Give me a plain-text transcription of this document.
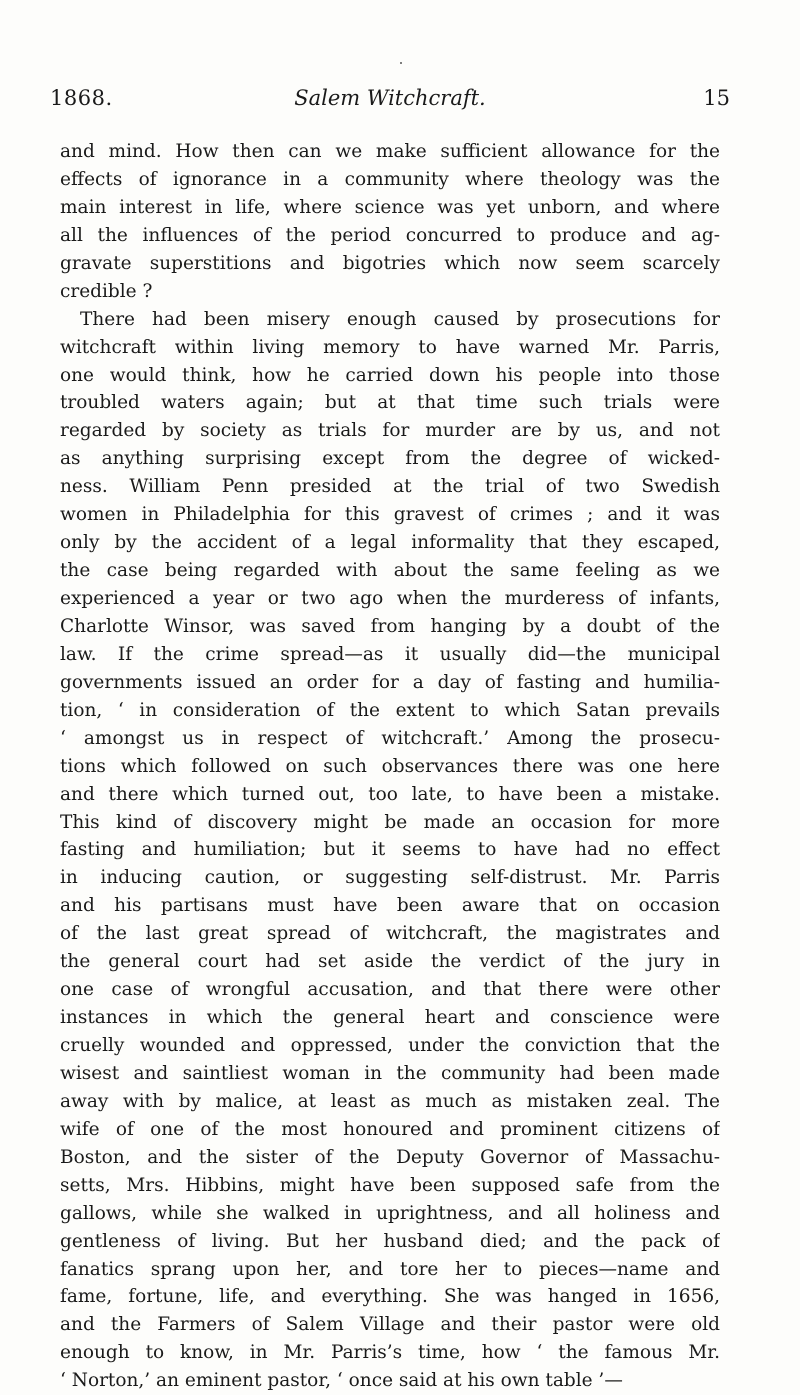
1868.	Salem Witchcraft.	15
and mind. How then can we make sufficient allowance for the
effects of ignorance in a community where theology was the
main interest in life, where science was yet unborn, and where
all the influences of the period concurred to produce and ag-
gravate superstitions and bigotries which now seem scarcely
credible ?
There had been misery enough caused by prosecutions for
witchcraft within living memory to have warned Mr. Parris,
one would think, how he carried down his people into those
troubled waters again; but at that time such trials were
regarded by society as trials for murder are by us, and not
as anything surprising except from the degree of wicked-
ness. William Penn presided at the trial of two Swedish
women in Philadelphia for this gravest of crimes ; and it was
only by the accident of a legal informality that they escaped,
the case being regarded with about the same feeling as we
experienced a year or two ago when the murderess of infants,
Charlotte Winsor, was saved from hanging by a doubt of the
law. If the crime spread—as it usually did—the municipal
governments issued an order for a day of fasting and humilia-
tion, ‘ in consideration of the extent to which Satan prevails
‘ amongst us in respect of witchcraft.’ Among the prosecu-
tions which followed on such observances there was one here
and there which turned out, too late, to have been a mistake.
This kind of discovery might be made an occasion for more
fasting and humiliation; but it seems to have had no effect
in inducing caution, or suggesting self-distrust. Mr. Parris
and his partisans must have been aware that on occasion
of the last great spread of witchcraft, the magistrates and
the general court had set aside the verdict of the jury in
one case of wrongful accusation, and that there were other
instances in which the general heart and conscience were
cruelly wounded and oppressed, under the conviction that the
wisest and saintliest woman in the community had been made
away with by malice, at least as much as mistaken zeal. The
wife of one of the most honoured and prominent citizens of
Boston, and the sister of the Deputy Governor of Massachu-
setts, Mrs. Hibbins, might have been supposed safe from the
gallows, while she walked in uprightness, and all holiness and
gentleness of living. But her husband died; and the pack of
fanatics sprang upon her, and tore her to pieces—name and
fame, fortune, life, and everything. She was hanged in 1656,
and the Farmers of Salem Village and their pastor were old
enough to know, in Mr. Parris’s time, how ‘ the famous Mr.
‘ Norton,’ an eminent pastor, ‘ once said at his own table ’—
